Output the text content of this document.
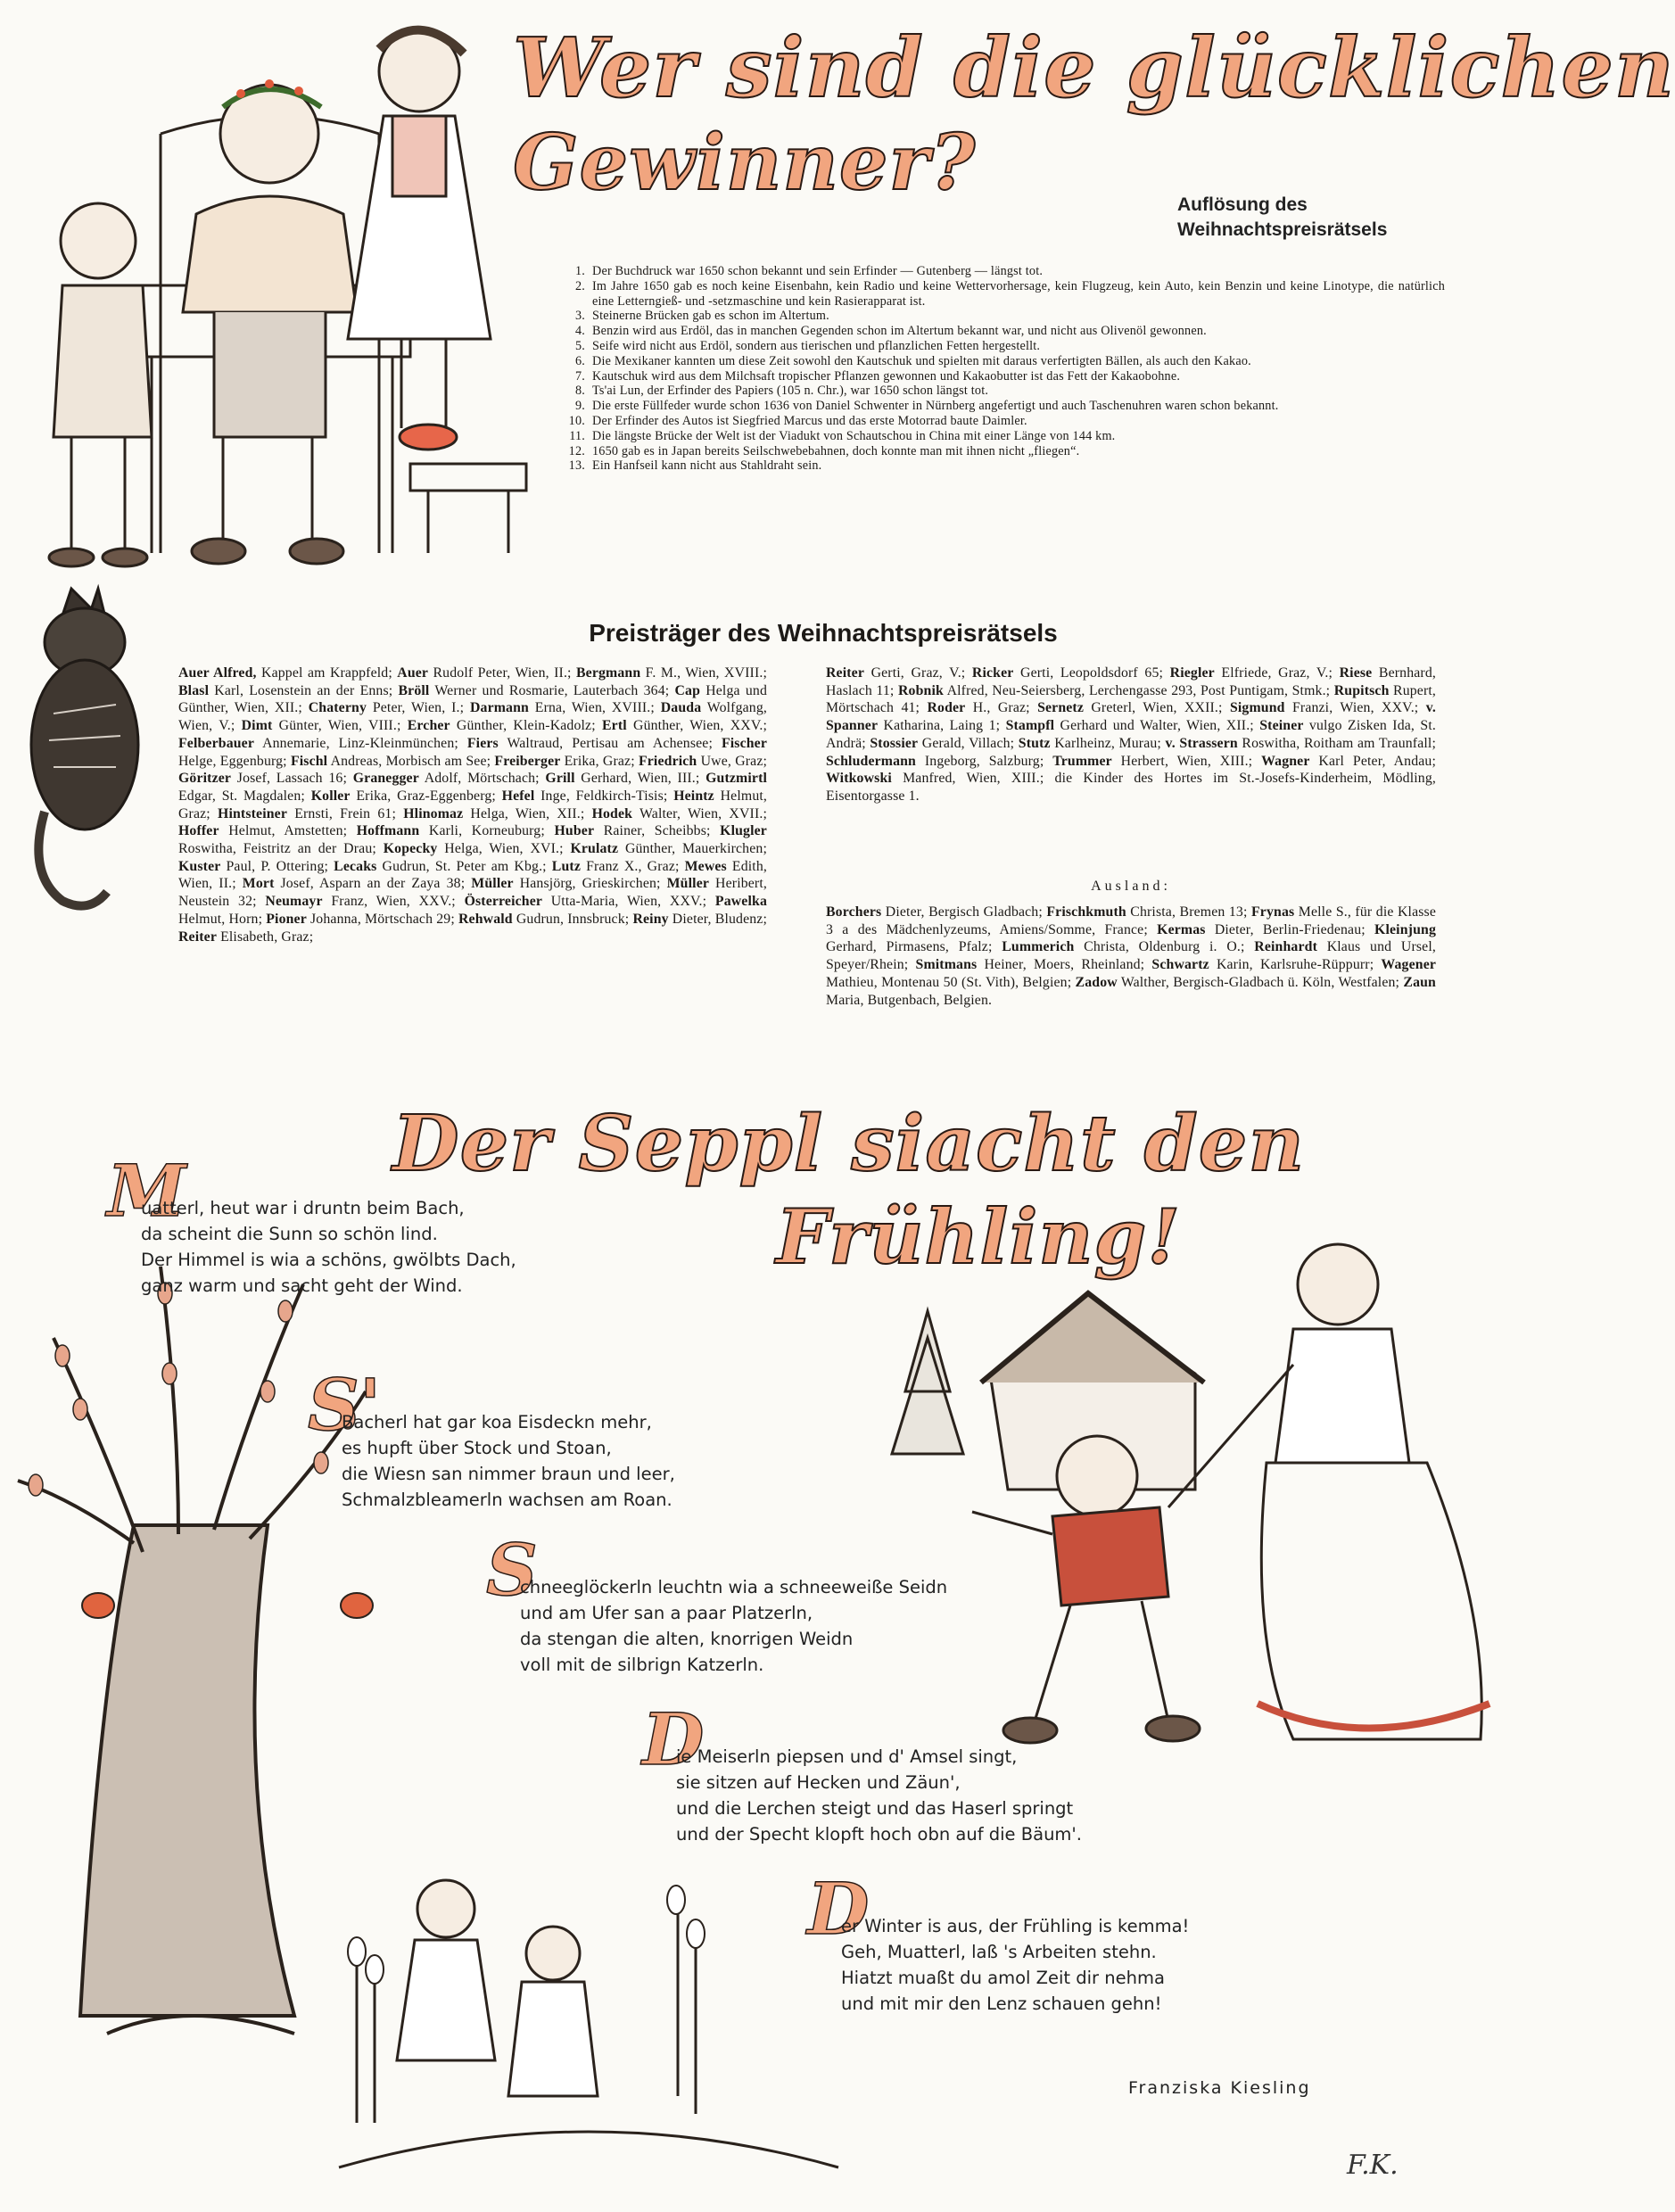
Wer sind die glücklichen
Gewinner?	Auflösung des
Weihnachtspreisrätsels
1. Der Buchdruck war 1650 schon bekannt und sein Erfinder — Gutenberg — längst tot.
2. Im Jahre 1650 gab es noch keine Eisenbahn, kein Radio und keine Wettervorhersage, kein Flugzeug, kein Auto, kein Benzin und keine Linotype, die natürlich eine Letterngieß- und -setzmaschine und kein Rasierapparat ist.
3. Steinerne Brücken gab es schon im Altertum.
4. Benzin wird aus Erdöl, das in manchen Gegenden schon im Altertum bekannt war, und nicht aus Olivenöl gewonnen.
5. Seife wird nicht aus Erdöl, sondern aus tierischen und pflanzlichen Fetten hergestellt.
6. Die Mexikaner kannten um diese Zeit sowohl den Kautschuk und spielten mit daraus verfertigten Bällen, als auch den Kakao.
7. Kautschuk wird aus dem Milchsaft tropischer Pflanzen gewonnen und Kakaobutter ist das Fett der Kakaobohne.
8. Ts'ai Lun, der Erfinder des Papiers (105 n. Chr.), war 1650 schon längst tot.
9. Die erste Füllfeder wurde schon 1636 von Daniel Schwenter in Nürnberg angefertigt und auch Taschenuhren waren schon bekannt.
10. Der Erfinder des Autos ist Siegfried Marcus und das erste Motorrad baute Daimler.
11. Die längste Brücke der Welt ist der Viadukt von Schautschou in China mit einer Länge von 144 km.
12. 1650 gab es in Japan bereits Seilschwebebahnen, doch konnte man mit ihnen nicht „fliegen“.
13. Ein Hanfseil kann nicht aus Stahldraht sein.
Preisträger des Weihnachtspreisrätsels
Auer Alfred, Kappel am Krappfeld; Auer Rudolf Peter, Wien, II.; Bergmann F. M., Wien, XVIII.; Blasl Karl, Losenstein an der Enns; Bröll Werner und Rosmarie, Lauterbach 364; Cap Helga und Günther, Wien, XII.; Chaterny Peter, Wien, I.; Darmann Erna, Wien, XVIII.; Dauda Wolfgang, Wien, V.; Dimt Günter, Wien, VIII.; Ercher Günther, Klein-Kadolz; Ertl Günther, Wien, XXV.; Felberbauer Annemarie, Linz-Kleinmünchen; Fiers Waltraud, Pertisau am Achensee; Fischer Helge, Eggenburg; Fischl Andreas, Morbisch am See; Freiberger Erika, Graz; Friedrich Uwe, Graz; Göritzer Josef, Lassach 16; Granegger Adolf, Mörtschach; Grill Gerhard, Wien, III.; Gutzmirtl Edgar, St. Magdalen; Koller Erika, Graz-Eggenberg; Hefel Inge, Feldkirch-Tisis; Heintz Helmut, Graz; Hintsteiner Ernsti, Frein 61; Hlinomaz Helga, Wien, XII.; Hodek Walter, Wien, XVII.; Hoffer Helmut, Amstetten; Hoffmann Karli, Korneuburg; Huber Rainer, Scheibbs; Klugler Roswitha, Feistritz an der Drau; Kopecky Helga, Wien, XVI.; Krulatz Günther, Mauerkirchen; Kuster Paul, P. Ottering; Lecaks Gudrun, St. Peter am Kbg.; Lutz Franz X., Graz; Mewes Edith, Wien, II.; Mort Josef, Asparn an der Zaya 38; Müller Hansjörg, Grieskirchen; Müller Heribert, Neustein 32; Neumayr Franz, Wien, XXV.; Österreicher Utta-Maria, Wien, XXV.; Pawelka Helmut, Horn; Pioner Johanna, Mörtschach 29; Rehwald Gudrun, Innsbruck; Reiny Dieter, Bludenz; Reiter Elisabeth, Graz;
Reiter Gerti, Graz, V.; Ricker Gerti, Leopoldsdorf 65; Riegler Elfriede, Graz, V.; Riese Bernhard, Haslach 11; Robnik Alfred, Neu-Seiersberg, Lerchengasse 293, Post Puntigam, Stmk.; Rupitsch Rupert, Mörtschach 41; Roder H., Graz; Sernetz Greterl, Wien, XXII.; Sigmund Franzi, Wien, XXV.; v. Spanner Katharina, Laing 1; Stampfl Gerhard und Walter, Wien, XII.; Steiner vulgo Zisken Ida, St. Andrä; Stossier Gerald, Villach; Stutz Karlheinz, Murau; v. Strassern Roswitha, Roitham am Traunfall; Schludermann Ingeborg, Salzburg; Trummer Herbert, Wien, XIII.; Wagner Karl Peter, Andau; Witkowski Manfred, Wien, XIII.; die Kinder des Hortes im St.-Josefs-Kinderheim, Mödling, Eisentorgasse 1.
Ausland:
Borchers Dieter, Bergisch Gladbach; Frischkmuth Christa, Bremen 13; Frynas Melle S., für die Klasse 3 a des Mädchenlyzeums, Amiens/Somme, France; Kermas Dieter, Berlin-Friedenau; Kleinjung Gerhard, Pirmasens, Pfalz; Lummerich Christa, Oldenburg i. O.; Reinhardt Klaus und Ursel, Speyer/Rhein; Smitmans Heiner, Moers, Rheinland; Schwartz Karin, Karlsruhe-Rüppurr; Wagener Mathieu, Montenau 50 (St. Vith), Belgien; Zadow Walther, Bergisch-Gladbach ü. Köln, Westfalen; Zaun Maria, Butgenbach, Belgien.
Der Seppl siacht den
Frühling!
M
uatterl, heut war i druntn beim Bach,
da scheint die Sunn so schön lind.
Der Himmel is wia a schöns, gwölbts Dach,
ganz warm und sacht geht der Wind.
S'
Bacherl hat gar koa Eisdeckn mehr,
es hupft über Stock und Stoan,
die Wiesn san nimmer braun und leer,
Schmalzbleamerln wachsen am Roan.
S
chneeglöckerln leuchtn wia a schneeweiße Seidn
und am Ufer san a paar Platzerln,
da stengan die alten, knorrigen Weidn
voll mit de silbrign Katzerln.
D
ie Meiserln piepsen und d' Amsel singt,
sie sitzen auf Hecken und Zäun',
und die Lerchen steigt und das Haserl springt
und der Specht klopft hoch obn auf die Bäum'.
D
er Winter is aus, der Frühling is kemma!
Geh, Muatterl, laß 's Arbeiten stehn.
Hiatzt muaßt du amol Zeit dir nehma
und mit mir den Lenz schauen gehn!
Franziska Kiesling
F.K.
